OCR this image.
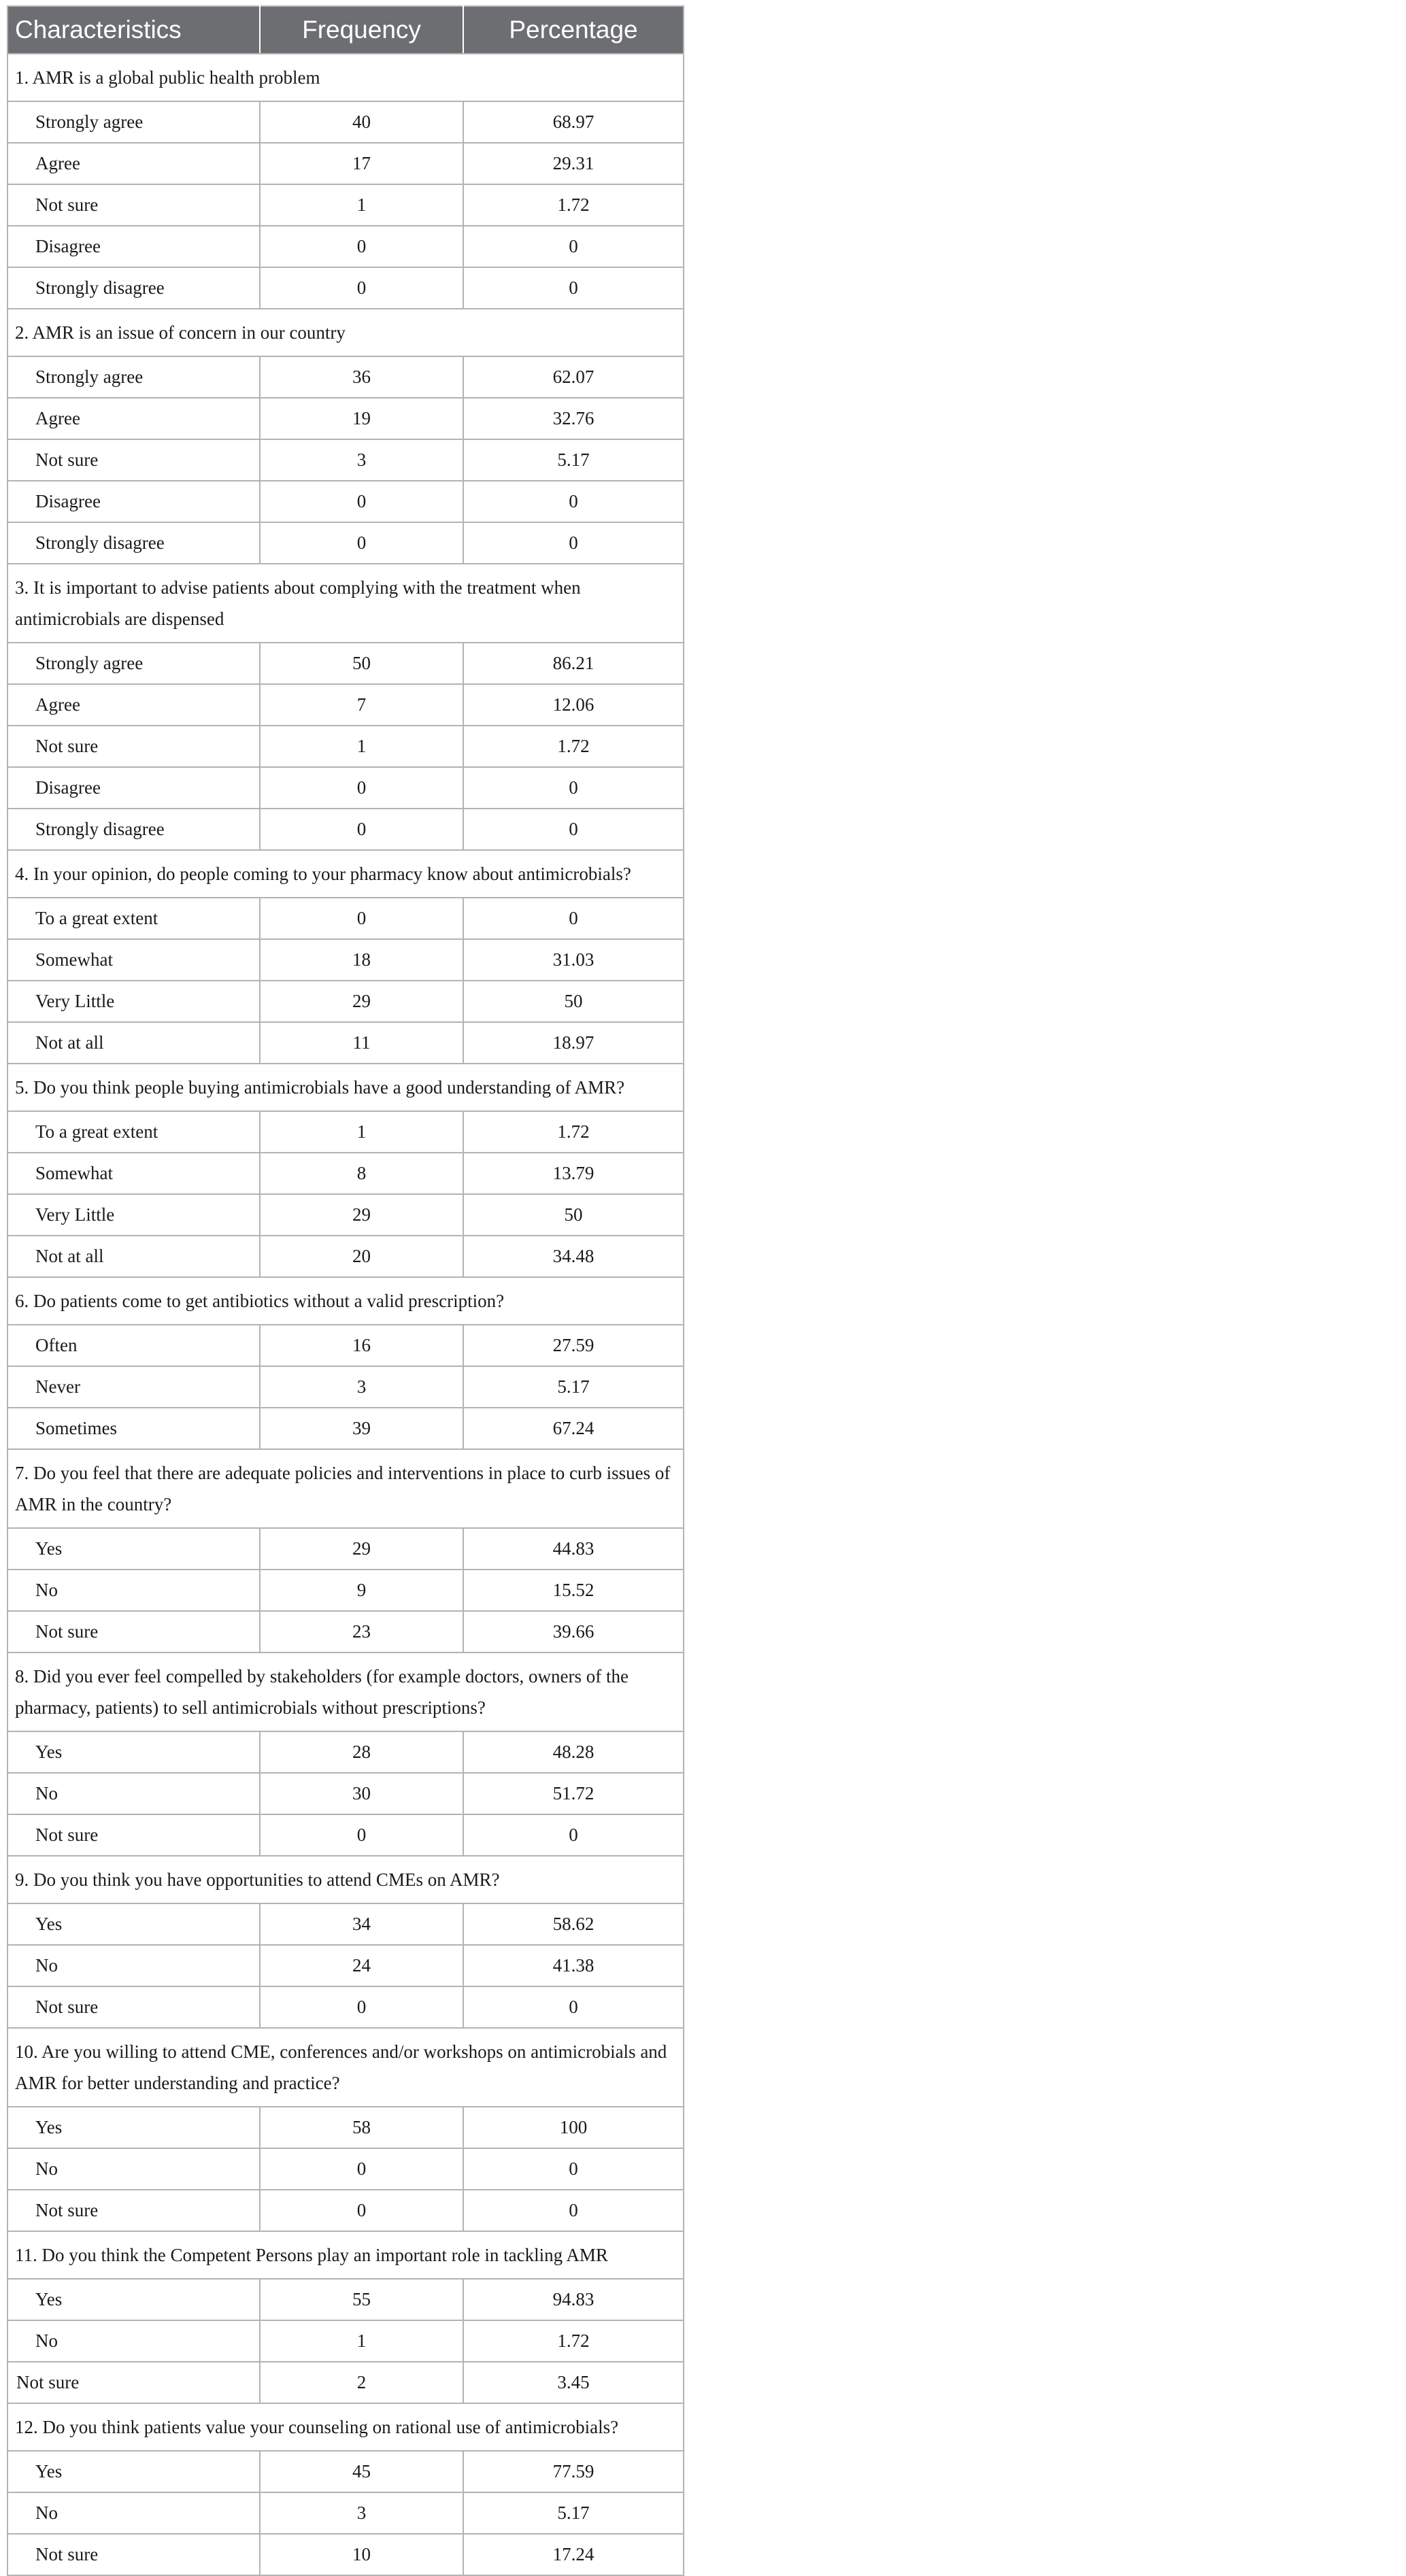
Characteristics	Frequency	Percentage
1. AMR is a global public health problem		
Strongly agree	40	68.97
Agree	17	29.31
Not sure	1	1.72
Disagree	0	0
Strongly disagree	0	0
2. AMR is an issue of concern in our country		
Strongly agree	36	62.07
Agree	19	32.76
Not sure	3	5.17
Disagree	0	0
Strongly disagree	0	0
3. It is important to advise patients about complying with the treatment when antimicrobials are dispensed		
Strongly agree	50	86.21
Agree	7	12.06
Not sure	1	1.72
Disagree	0	0
Strongly disagree	0	0
4. In your opinion, do people coming to your pharmacy know about antimicrobials?		
To a great extent	0	0
Somewhat	18	31.03
Very Little	29	50
Not at all	11	18.97
5. Do you think people buying antimicrobials have a good understanding of AMR?		
To a great extent	1	1.72
Somewhat	8	13.79
Very Little	29	50
Not at all	20	34.48
6. Do patients come to get antibiotics without a valid prescription?		
Often	16	27.59
Never	3	5.17
Sometimes	39	67.24
7. Do you feel that there are adequate policies and interventions in place to curb issues of AMR in the country?		
Yes	29	44.83
No	9	15.52
Not sure	23	39.66
8. Did you ever feel compelled by stakeholders (for example doctors, owners of the pharmacy, patients) to sell antimicrobials without prescriptions?		
Yes	28	48.28
No	30	51.72
Not sure	0	0
9. Do you think you have opportunities to attend CMEs on AMR?		
Yes	34	58.62
No	24	41.38
Not sure	0	0
10. Are you willing to attend CME, conferences and/or workshops on antimicrobials and AMR for better understanding and practice?		
Yes	58	100
No	0	0
Not sure	0	0
11. Do you think the Competent Persons play an important role in tackling AMR		
Yes	55	94.83
No	1	1.72
Not sure	2	3.45
12. Do you think patients value your counseling on rational use of antimicrobials?		
Yes	45	77.59
No	3	5.17
Not sure	10	17.24
